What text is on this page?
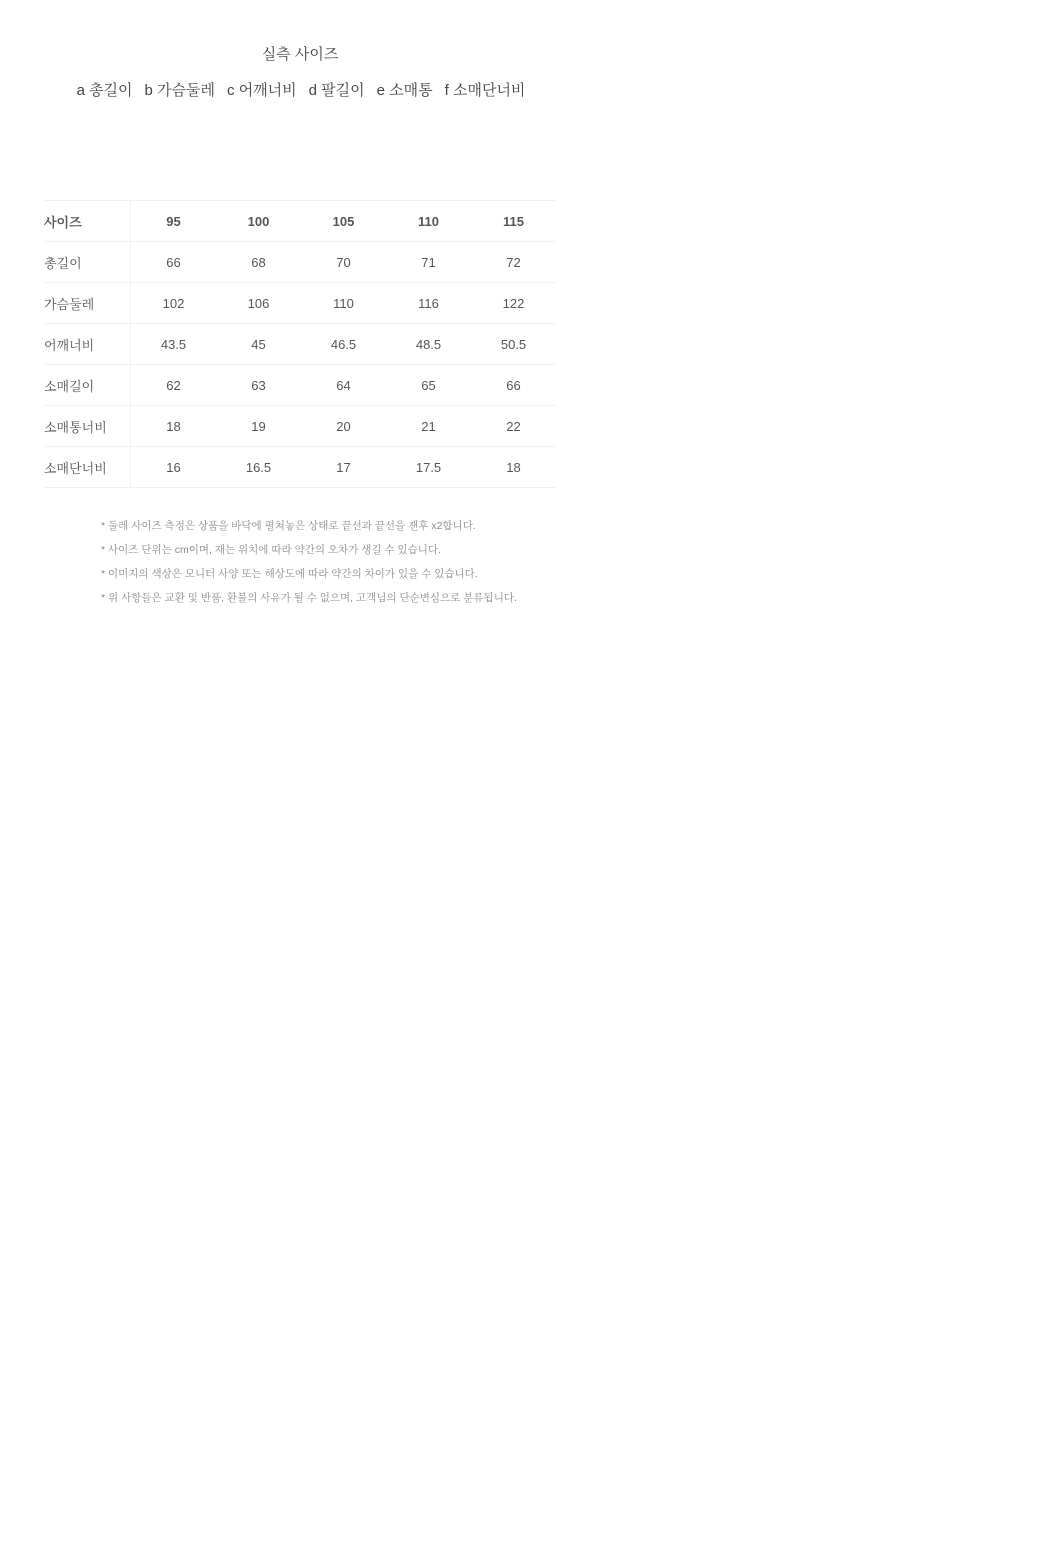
실측 사이즈
a 총길이 b 가슴둘레 c 어깨너비 d 팔길이 e 소매통 f 소매단너비
사이즈	95	100	105	110	115
총길이	66	68	70	71	72
가슴둘레	102	106	110	116	122
어깨너비	43.5	45	46.5	48.5	50.5
소매길이	62	63	64	65	66
소매통너비	18	19	20	21	22
소매단너비	16	16.5	17	17.5	18
* 둘레 사이즈 측정은 상품을 바닥에 펼쳐놓은 상태로 끝선과 끝선을 잰후 x2합니다.
* 사이즈 단위는 cm이며, 재는 위치에 따라 약간의 오차가 생길 수 있습니다.
* 이미지의 색상은 모니터 사양 또는 해상도에 따라 약간의 차이가 있을 수 있습니다.
* 위 사항들은 교환 및 반품, 환불의 사유가 될 수 없으며, 고객님의 단순변심으로 분류됩니다.
